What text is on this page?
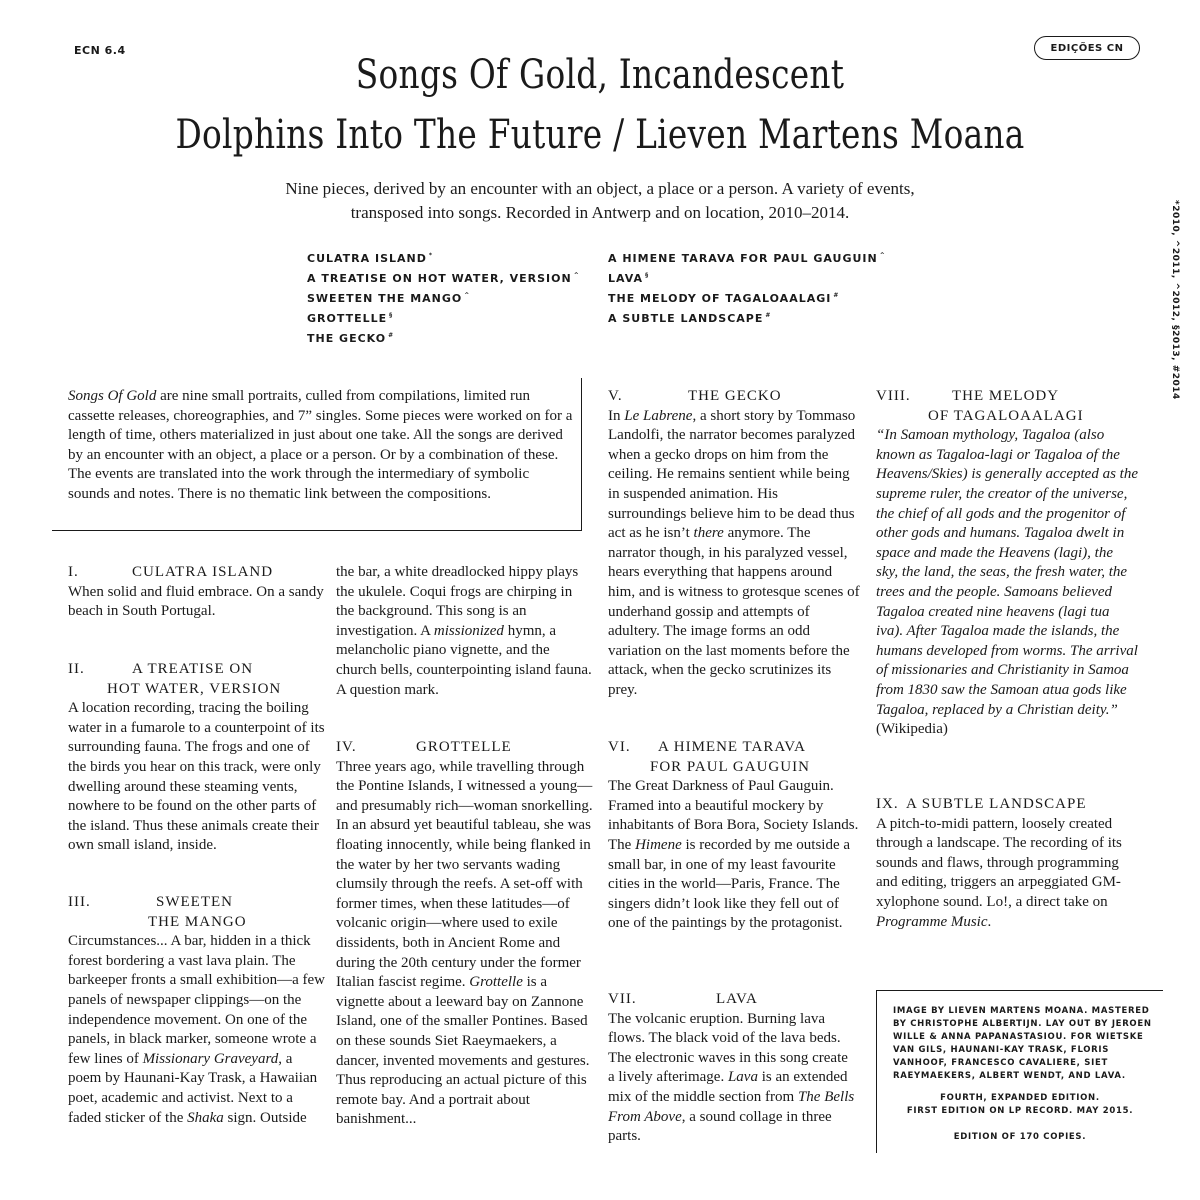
ECN 6.4	EDIÇÕES CN
Songs Of Gold, Incandescent
Dolphins Into The Future / Lieven Martens Moana
Nine pieces, derived by an encounter with an object, a place or a person. A variety of events,
transposed into songs. Recorded in Antwerp and on location, 2010–2014.	*2010, ^2011, ^2012, §2013, #2014
CULATRA ISLAND *
A TREATISE ON HOT WATER, VERSION ^
SWEETEN THE MANGO ^
GROTTELLE §
THE GECKO #
A HIMENE TARAVA FOR PAUL GAUGUIN ^
LAVA §
THE MELODY OF TAGALOAALAGI #
A SUBTLE LANDSCAPE #
Songs Of Gold are nine small portraits, culled from compilations, limited run cassette releases, choreographies, and 7” singles. Some pieces were worked on for a length of time, others materialized in just about one take. All the songs are derived by an encounter with an object, a place or a person. Or by a combination of these. The events are translated into the work through the intermediary of symbolic sounds and notes. There is no thematic link between the compositions.
I.	CULATRA ISLAND
When solid and fluid embrace. On a sandy beach in South Portugal.
II.	A TREATISE ON
HOT WATER, VERSION
A location recording, tracing the boiling water in a fumarole to a counterpoint of its surrounding fauna. The frogs and one of the birds you hear on this track, were only dwelling around these steaming vents, nowhere to be found on the other parts of the island. Thus these animals create their own small island, inside.
III.	SWEETEN
THE MANGO
Circumstances... A bar, hidden in a thick forest bordering a vast lava plain. The barkeeper fronts a small exhibition—a few panels of newspaper clippings—on the independence movement. On one of the panels, in black marker, someone wrote a few lines of Missionary Graveyard, a poem by Haunani-Kay Trask, a Hawaiian poet, academic and activist. Next to a faded sticker of the Shaka sign. Outside
the bar, a white dreadlocked hippy plays the ukulele. Coqui frogs are chirping in the background. This song is an investigation. A missionized hymn, a melancholic piano vignette, and the church bells, counterpointing island fauna. A question mark.
IV.	GROTTELLE
Three years ago, while travelling through the Pontine Islands, I witnessed a young—and presumably rich—woman snorkelling. In an absurd yet beautiful tableau, she was floating innocently, while being flanked in the water by her two servants wading clumsily through the reefs. A set-off with former times, when these latitudes—of volcanic origin—where used to exile dissidents, both in Ancient Rome and during the 20th century under the former Italian fascist regime. Grottelle is a vignette about a leeward bay on Zannone Island, one of the smaller Pontines. Based on these sounds Siet Raeymaekers, a dancer, invented movements and gestures. Thus reproducing an actual picture of this remote bay. And a portrait about banishment...
V.	THE GECKO
In Le Labrene, a short story by Tommaso Landolfi, the narrator becomes paralyzed when a gecko drops on him from the ceiling. He remains sentient while being in suspended animation. His surroundings believe him to be dead thus act as he isn’t there anymore. The narrator though, in his paralyzed vessel, hears everything that happens around him, and is witness to grotesque scenes of underhand gossip and attempts of adultery. The image forms an odd variation on the last moments before the attack, when the gecko scrutinizes its prey.
VI. A HIMENE TARAVA
FOR PAUL GAUGUIN
The Great Darkness of Paul Gauguin. Framed into a beautiful mockery by inhabitants of Bora Bora, Society Islands. The Himene is recorded by me outside a small bar, in one of my least favourite cities in the world—Paris, France. The singers didn’t look like they fell out of one of the paintings by the protagonist.
VII.	LAVA
The volcanic eruption. Burning lava flows. The black void of the lava beds. The electronic waves in this song create a lively afterimage. Lava is an extended mix of the middle section from The Bells From Above, a sound collage in three parts.
VIII.	THE MELODY
OF TAGALOAALAGI
“In Samoan mythology, Tagaloa (also known as Tagaloa-lagi or Tagaloa of the Heavens/Skies) is generally accepted as the supreme ruler, the creator of the universe, the chief of all gods and the progenitor of other gods and humans. Tagaloa dwelt in space and made the Heavens (lagi), the sky, the land, the seas, the fresh water, the trees and the people. Samoans believed Tagaloa created nine heavens (lagi tua iva). After Tagaloa made the islands, the humans developed from worms. The arrival of missionaries and Christianity in Samoa from 1830 saw the Samoan atua gods like Tagaloa, replaced by a Christian deity.” (Wikipedia)
IX. A SUBTLE LANDSCAPE
A pitch-to-midi pattern, loosely created through a landscape. The recording of its sounds and flaws, through programming and editing, triggers an arpeggiated GM-xylophone sound. Lo!, a direct take on Programme Music.
IMAGE BY LIEVEN MARTENS MOANA. MASTERED BY CHRISTOPHE ALBERTIJN. LAY OUT BY JEROEN WILLE & ANNA PAPANASTASIOU. FOR WIETSKE VAN GILS, HAUNANI-KAY TRASK, FLORIS VANHOOF, FRANCESCO CAVALIERE, SIET RAEYMAEKERS, ALBERT WENDT, AND LAVA.
FOURTH, EXPANDED EDITION.
FIRST EDITION ON LP RECORD. MAY 2015.
EDITION OF 170 COPIES.
